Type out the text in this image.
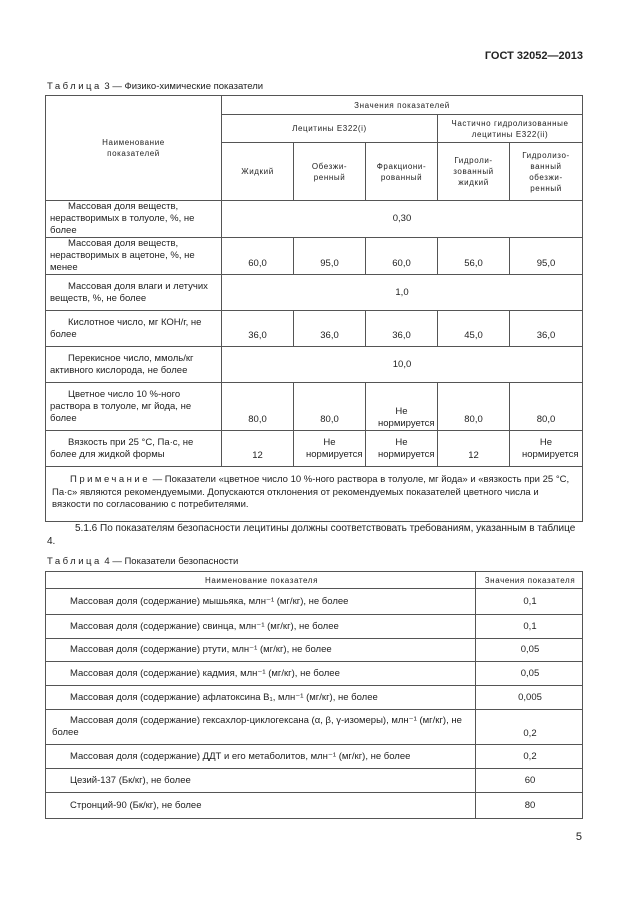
ГОСТ 32052—2013
Таблица 3 — Физико-химические показатели
Наименование показателей	Значения показателей				
	Лецитины Е322(i)			Частично гидролизованные лецитины Е322(ii)	
	Жидкий	Обезжи-ренный	Фракциони-рованный	Гидроли-зованный жидкий	Гидролизо-ванный обезжи-ренный

Массовая доля веществ, нерастворимых в толуоле, %, не более	0,30				

Массовая доля веществ, нерастворимых в ацетоне, %, не менее	60,0	95,0	60,0	56,0	95,0

Массовая доля влаги и летучих веществ, %, не более	1,0				

Кислотное число, мг КОН/г, не более	36,0	36,0	36,0	45,0	36,0

Перекисное число, ммоль/кг активного кислорода, не более	10,0				

Цветное число 10 %-ного раствора в толуоле, мг йода, не более	80,0	80,0	Не нормируется	80,0	80,0

Вязкость при 25 °С, Па·с, не более для жидкой формы	12	Не нормируется	Не нормируется	12	Не нормируется

Примечание — Показатели «цветное число 10 %-ного раствора в толуоле, мг йода» и «вязкость при 25 °С, Па·с» являются рекомендуемыми. Допускаются отклонения от рекомендуемых показателей цветного числа и вязкости по согласованию с потребителями.					
5.1.6 По показателям безопасности лецитины должны соответствовать требованиям, указанным в таблице 4.
Таблица 4 — Показатели безопасности
Наименование показателя	Значения показателя

Массовая доля (содержание) мышьяка, млн⁻¹ (мг/кг), не более	0,1

Массовая доля (содержание) свинца, млн⁻¹ (мг/кг), не более	0,1

Массовая доля (содержание) ртути, млн⁻¹ (мг/кг), не более	0,05

Массовая доля (содержание) кадмия, млн⁻¹ (мг/кг), не более	0,05

Массовая доля (содержание) афлатоксина В₁, млн⁻¹ (мг/кг), не более	0,005

Массовая доля (содержание) гексахлор-циклогексана (α, β, γ-изомеры), млн⁻¹ (мг/кг), не более	0,2

Массовая доля (содержание) ДДТ и его метаболитов, млн⁻¹ (мг/кг), не более	0,2

Цезий-137 (Бк/кг), не более	60

Стронций-90 (Бк/кг), не более	80
5
